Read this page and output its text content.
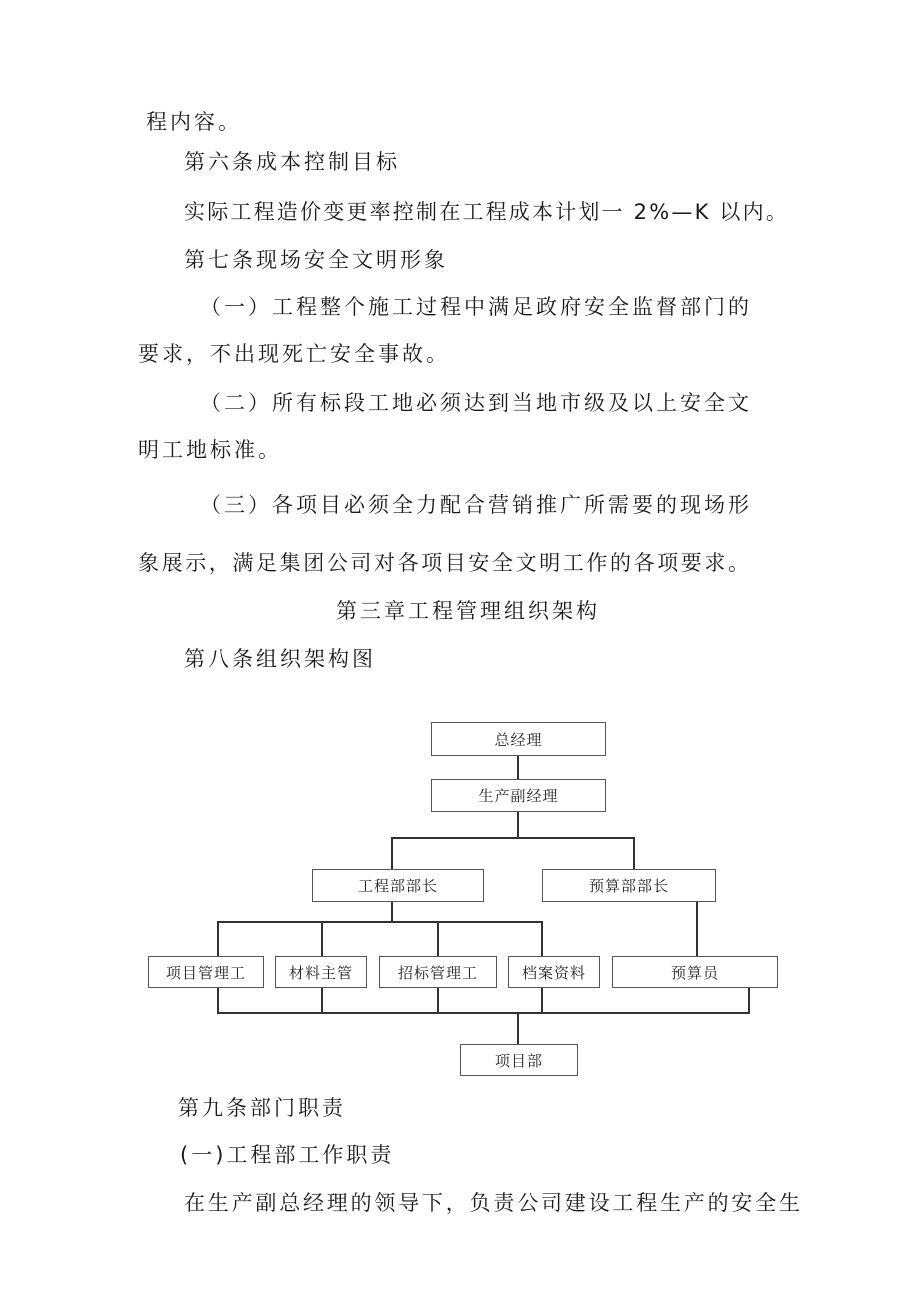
程内容。
第六条成本控制目标
实际工程造价变更率控制在工程成本计划一 2%—K 以内。
第七条现场安全文明形象
（一）工程整个施工过程中满足政府安全监督部门的
要求，不出现死亡安全事故。
（二）所有标段工地必须达到当地市级及以上安全文
明工地标准。
（三）各项目必须全力配合营销推广所需要的现场形
象展示，满足集团公司对各项目安全文明工作的各项要求。
第三章工程管理组织架构
第八条组织架构图
总经理
生产副经理
工程部部长	预算部部长
项目管理工	材料主管	招标管理工	档案资料	预算员
项目部
第九条部门职责
(一)工程部工作职责
在生产副总经理的领导下，负责公司建设工程生产的安全生
